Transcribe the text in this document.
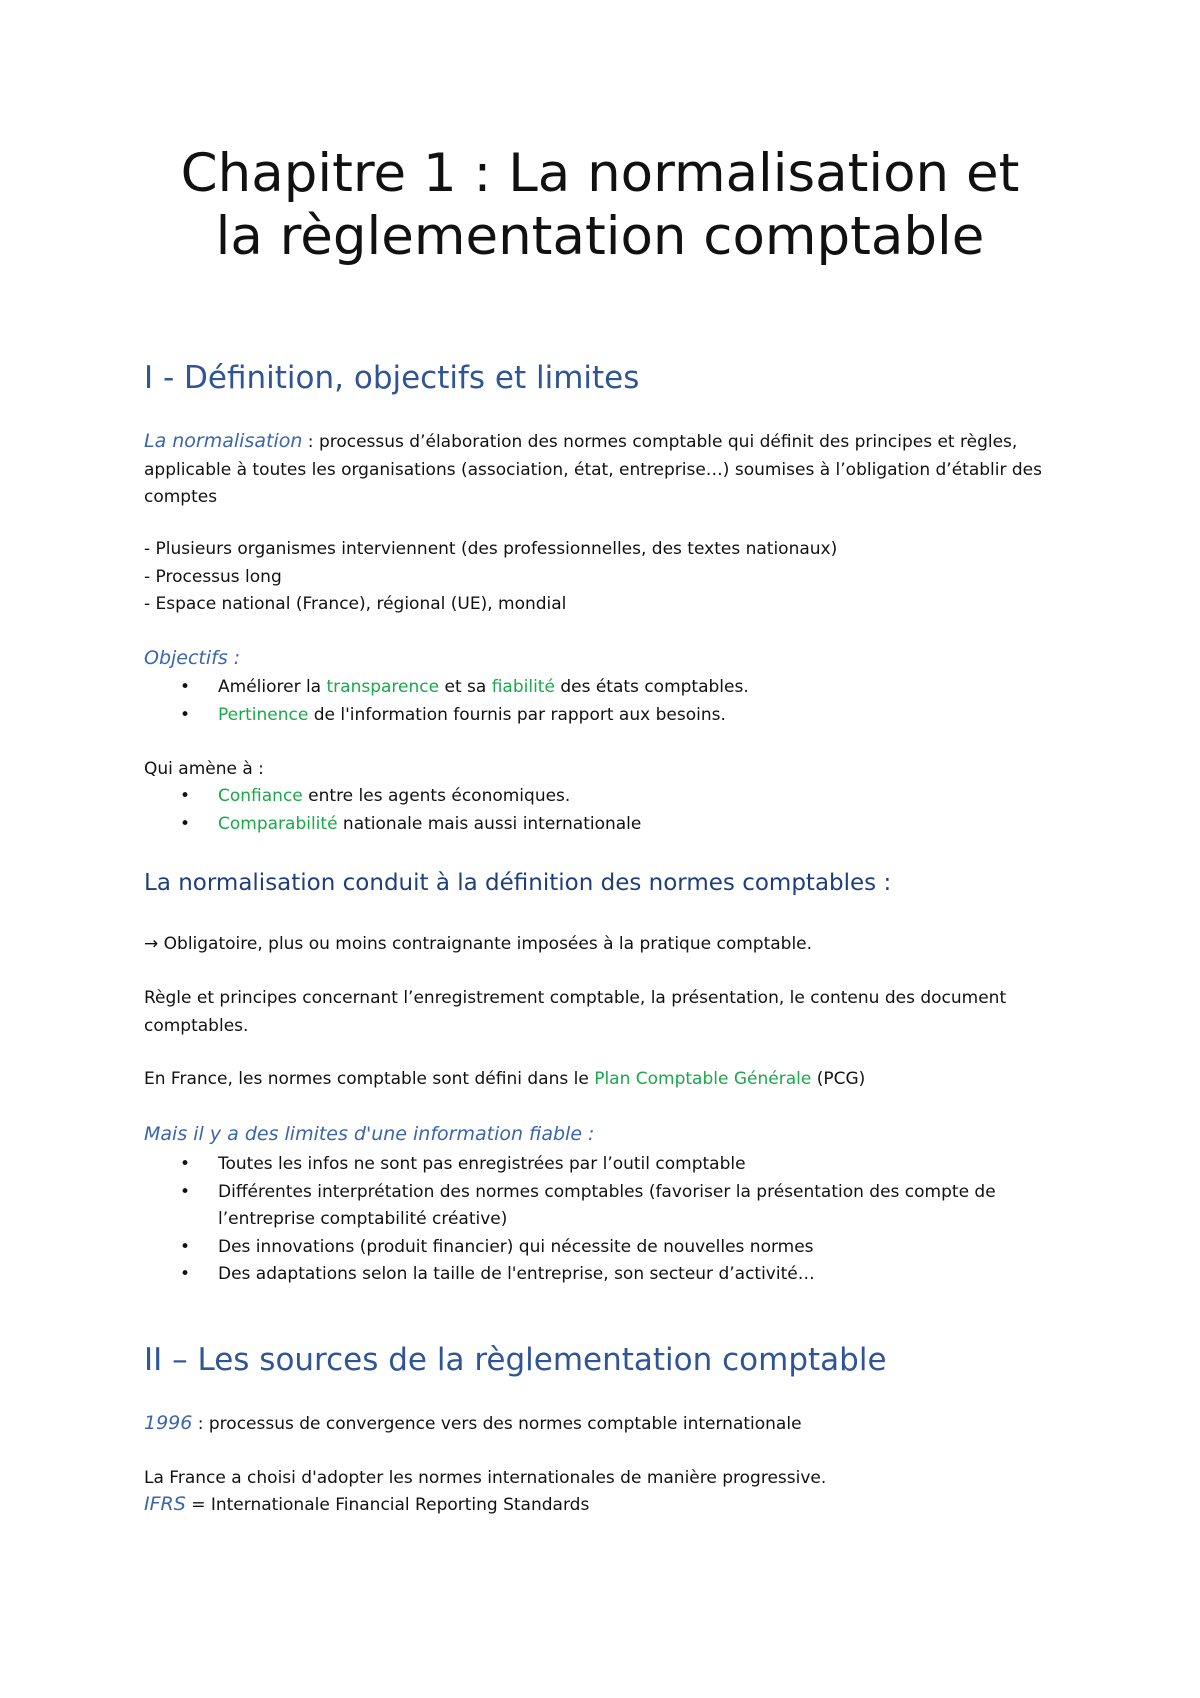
Chapitre 1 : La normalisation et
la règlementation comptable
I - Définition, objectifs et limites

La normalisation : processus d’élaboration des normes comptable qui définit des principes et règles, applicable à toutes les organisations (association, état, entreprise…) soumises à l’obligation d’établir des comptes

- Plusieurs organismes interviennent (des professionnelles, des textes nationaux)
- Processus long
- Espace national (France), régional (UE), mondial
Objectifs :
• Améliorer la transparence et sa fiabilité des états comptables.
• Pertinence de l'information fournis par rapport aux besoins.
Qui amène à :
• Confiance entre les agents économiques.
• Comparabilité nationale mais aussi internationale
La normalisation conduit à la définition des normes comptables :
→ Obligatoire, plus ou moins contraignante imposées à la pratique comptable.

Règle et principes concernant l’enregistrement comptable, la présentation, le contenu des document comptables.

En France, les normes comptable sont défini dans le Plan Comptable Générale (PCG)

Mais il y a des limites d'une information fiable :
• Toutes les infos ne sont pas enregistrées par l’outil comptable
• Différentes interprétation des normes comptables (favoriser la présentation des compte de l’entreprise comptabilité créative)
• Des innovations (produit financier) qui nécessite de nouvelles normes
• Des adaptations selon la taille de l'entreprise, son secteur d’activité…
II – Les sources de la règlementation comptable

1996 : processus de convergence vers des normes comptable internationale

La France a choisi d'adopter les normes internationales de manière progressive.

IFRS = Internationale Financial Reporting Standards
